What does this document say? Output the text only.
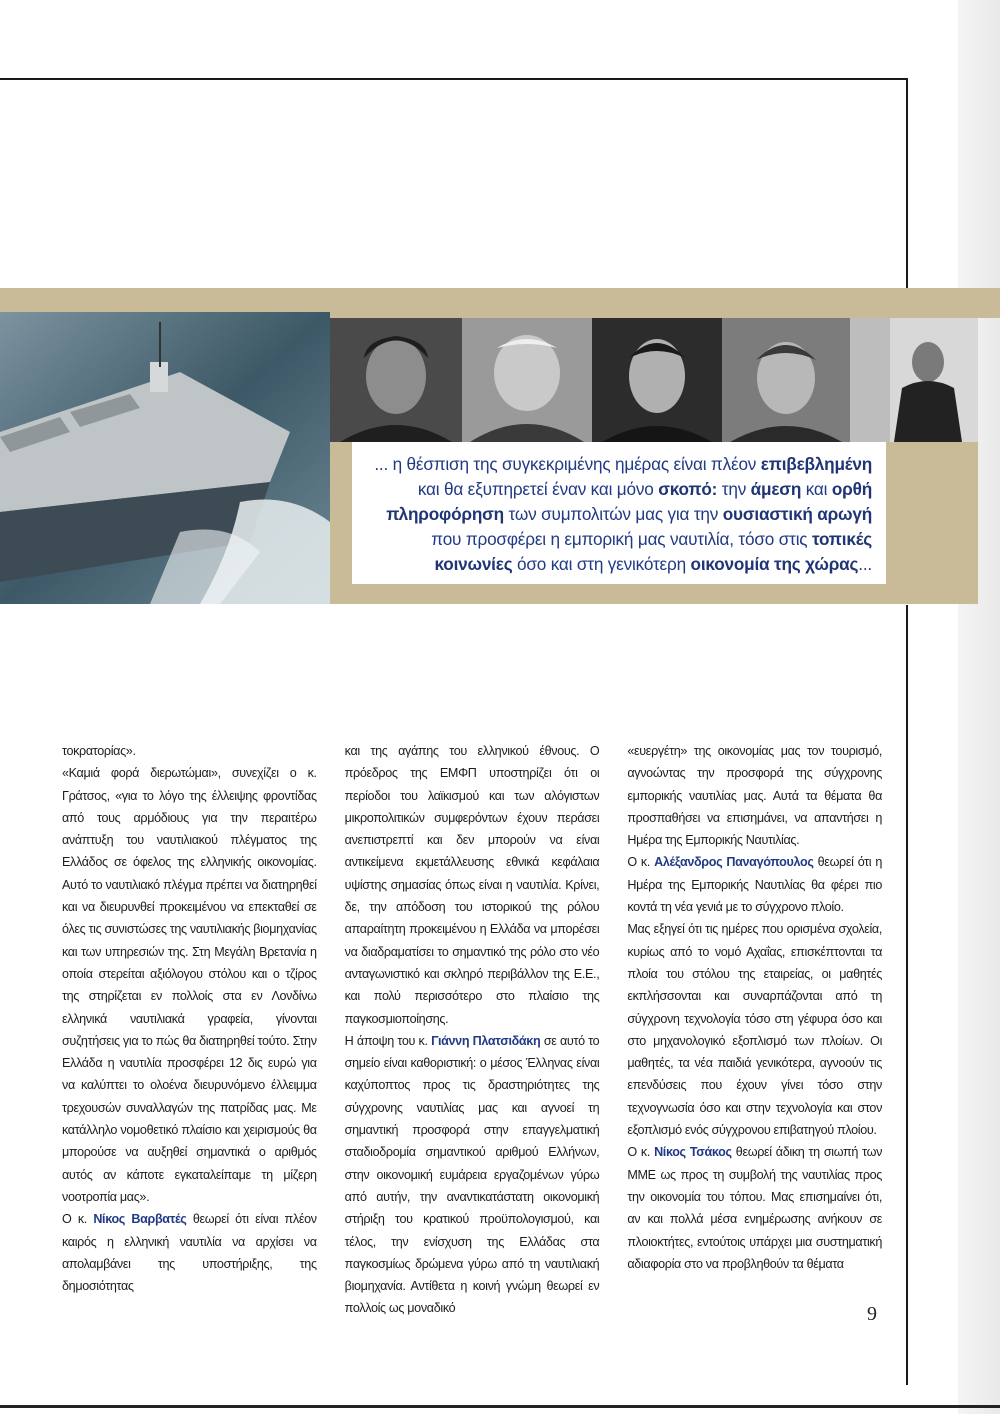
... η θέσπιση της συγκεκριμένης ημέρας είναι πλέον επιβεβλημένη
και θα εξυπηρετεί έναν και μόνο σκοπό: την άμεση και ορθή
πληροφόρηση των συμπολιτών μας για την ουσιαστική αρωγή
που προσφέρει η εμπορική μας ναυτιλία, τόσο στις τοπικές
κοινωνίες όσο και στη γενικότερη οικονομία της χώρας...

τοκρατορίας».

«Καμιά φορά διερωτώμαι», συνεχίζει ο κ. Γράτσος, «για το λόγο της έλλειψης φροντίδας από τους αρμόδιους για την περαιτέρω ανάπτυξη του ναυτιλιακού πλέγματος της Ελλάδος σε όφελος της ελληνικής οικονομίας. Αυτό το ναυτιλιακό πλέγμα πρέπει να διατηρηθεί και να διευρυνθεί προκειμένου να επεκταθεί σε όλες τις συνιστώσες της ναυτιλιακής βιομηχανίας και των υπηρεσιών της. Στη Μεγάλη Βρετανία η οποία στερείται αξιόλογου στόλου και ο τζίρος της στηρίζεται εν πολλοίς στα εν Λονδίνω ελληνικά ναυτιλιακά γραφεία, γίνονται συζητήσεις για το πώς θα διατηρηθεί τούτο. Στην Ελλάδα η ναυτιλία προσφέρει 12 δις ευρώ για να καλύπτει το ολοένα διευρυνόμενο έλλειμμα τρεχουσών συναλλαγών της πατρίδας μας. Με κατάλληλο νομοθετικό πλαίσιο και χειρισμούς θα μπορούσε να αυξηθεί σημαντικά ο αριθμός αυτός αν κάποτε εγκαταλείπαμε τη μίζερη νοοτροπία μας».

Ο κ. Νίκος Βαρβατές θεωρεί ότι είναι πλέον καιρός η ελληνική ναυτιλία να αρχίσει να απολαμβάνει της υποστήριξης, της δημοσιότητας

και της αγάπης του ελληνικού έθνους. Ο πρόεδρος της ΕΜΦΠ υποστηρίζει ότι οι περίοδοι του λαϊκισμού και των αλόγιστων μικροπολιτικών συμφερόντων έχουν περάσει ανεπιστρεπτί και δεν μπορούν να είναι αντικείμενα εκμετάλλευσης εθνικά κεφάλαια υψίστης σημασίας όπως είναι η ναυτιλία. Κρίνει, δε, την απόδοση του ιστορικού της ρόλου απαραίτητη προκειμένου η Ελλάδα να μπορέσει να διαδραματίσει το σημαντικό της ρόλο στο νέο ανταγωνιστικό και σκληρό περιβάλλον της Ε.Ε., και πολύ περισσότερο στο πλαίσιο της παγκοσμιοποίησης.

Η άποψη του κ. Γιάννη Πλατσιδάκη σε αυτό το σημείο είναι καθοριστική: ο μέσος Έλληνας είναι καχύποπτος προς τις δραστηριότητες της σύγχρονης ναυτιλίας μας και αγνοεί τη σημαντική προσφορά στην επαγγελματική σταδιοδρομία σημαντικού αριθμού Ελλήνων, στην οικονομική ευμάρεια εργαζομένων γύρω από αυτήν, την αναντικατάστατη οικονομική στήριξη του κρατικού προϋπολογισμού, και τέλος, την ενίσχυση της Ελλάδας στα παγκοσμίως δρώμενα γύρω από τη ναυτιλιακή βιομηχανία. Αντίθετα η κοινή γνώμη θεωρεί εν πολλοίς ως μοναδικό

«ευεργέτη» της οικονομίας μας τον τουρισμό, αγνοώντας την προσφορά της σύγχρονης εμπορικής ναυτιλίας μας. Αυτά τα θέματα θα προσπαθήσει να επισημάνει, να απαντήσει η Ημέρα της Εμπορικής Ναυτιλίας.

Ο κ. Αλέξανδρος Παναγόπουλος θεωρεί ότι η Ημέρα της Εμπορικής Ναυτιλίας θα φέρει πιο κοντά τη νέα γενιά με το σύγχρονο πλοίο.

Μας εξηγεί ότι τις ημέρες που ορισμένα σχολεία, κυρίως από το νομό Αχαΐας, επισκέπτονται τα πλοία του στόλου της εταιρείας, οι μαθητές εκπλήσσονται και συναρπάζονται από τη σύγχρονη τεχνολογία τόσο στη γέφυρα όσο και στο μηχανολογικό εξοπλισμό των πλοίων. Οι μαθητές, τα νέα παιδιά γενικότερα, αγνοούν τις επενδύσεις που έχουν γίνει τόσο στην τεχνογνωσία όσο και στην τεχνολογία και στον εξοπλισμό ενός σύγχρονου επιβατηγού πλοίου.

Ο κ. Νίκος Τσάκος θεωρεί άδικη τη σιωπή των ΜΜΕ ως προς τη συμβολή της ναυτιλίας προς την οικονομία του τόπου. Μας επισημαίνει ότι, αν και πολλά μέσα ενημέρωσης ανήκουν σε πλοιοκτήτες, εντούτοις υπάρχει μια συστηματική αδιαφορία στο να προβληθούν τα θέματα

9
